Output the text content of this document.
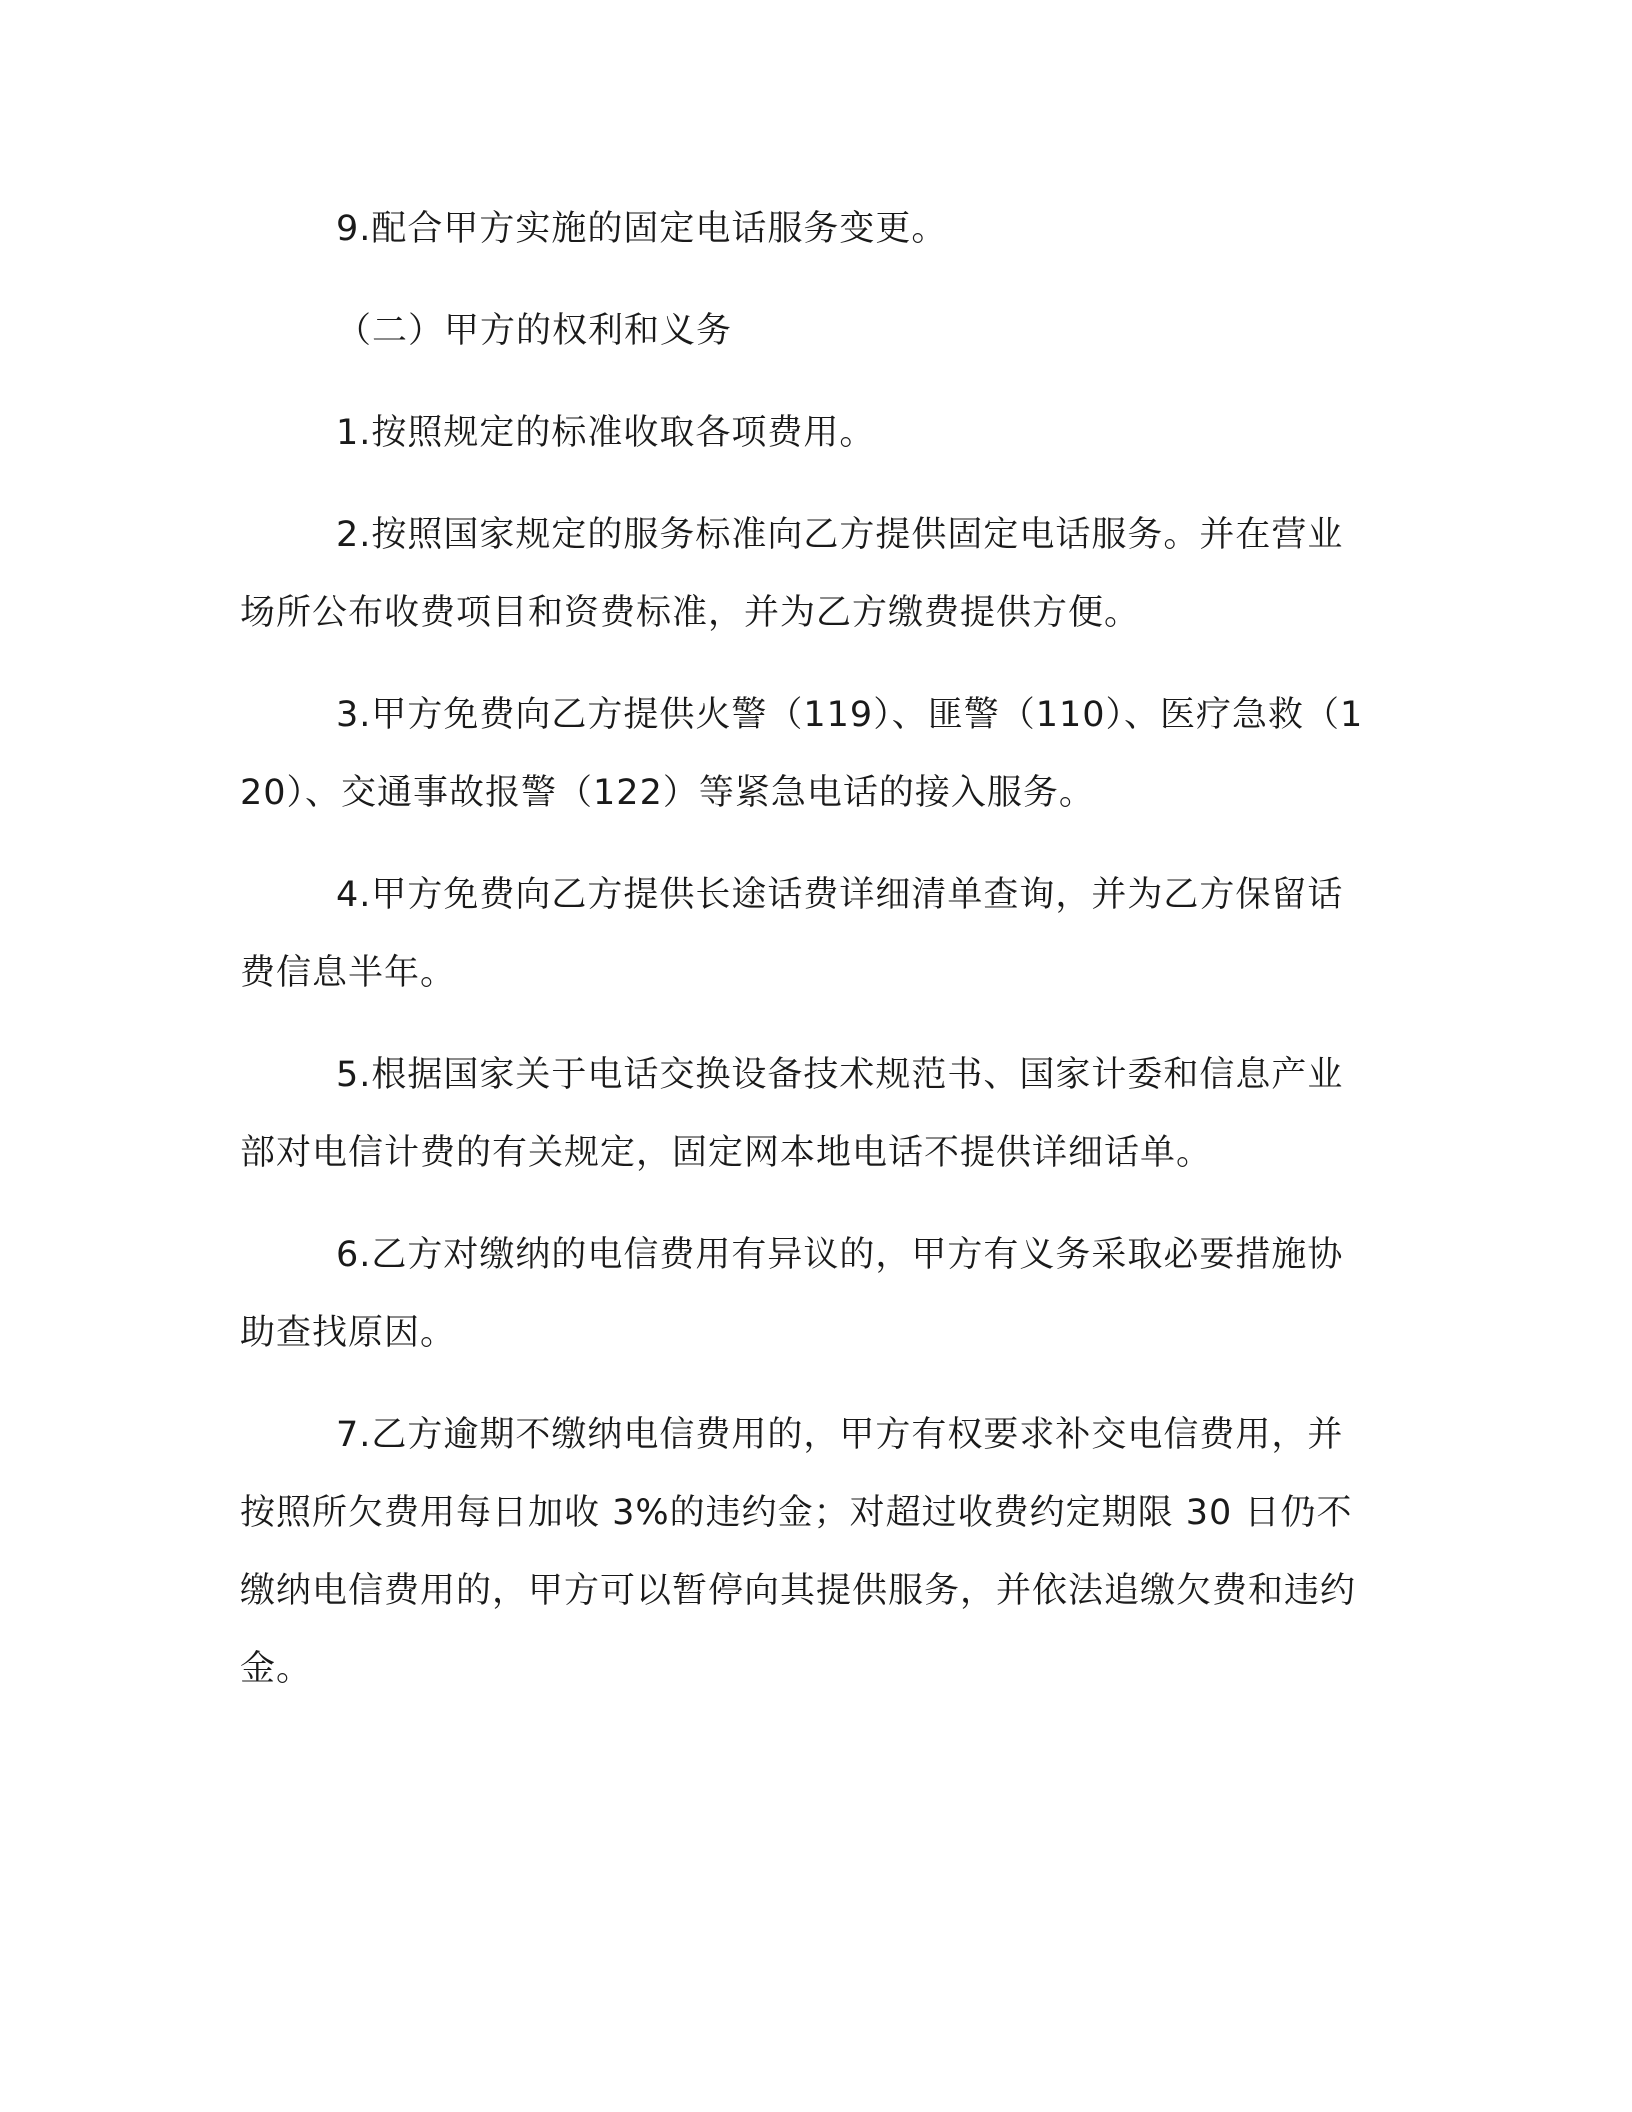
9.配合甲方实施的固定电话服务变更。

（二）甲方的权利和义务

1.按照规定的标准收取各项费用。

2.按照国家规定的服务标准向乙方提供固定电话服务。并在营业场所公布收费项目和资费标准，并为乙方缴费提供方便。

3.甲方免费向乙方提供火警（119）、匪警（110）、医疗急救（120）、交通事故报警（122）等紧急电话的接入服务。

4.甲方免费向乙方提供长途话费详细清单查询，并为乙方保留话费信息半年。

5.根据国家关于电话交换设备技术规范书、国家计委和信息产业部对电信计费的有关规定，固定网本地电话不提供详细话单。

6.乙方对缴纳的电信费用有异议的，甲方有义务采取必要措施协助查找原因。

7.乙方逾期不缴纳电信费用的，甲方有权要求补交电信费用，并按照所欠费用每日加收 3%的违约金；对超过收费约定期限 30 日仍不缴纳电信费用的，甲方可以暂停向其提供服务，并依法追缴欠费和违约金。
